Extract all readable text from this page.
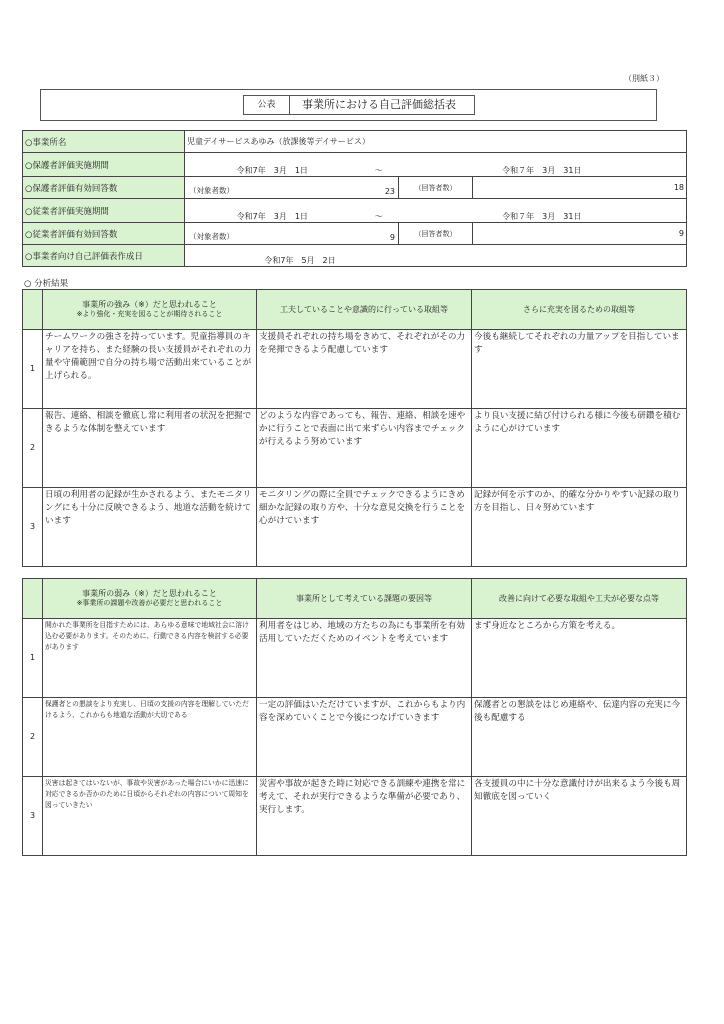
（別紙３）
公表	事業所における自己評価総括表
○事業所名	児童デイサービスあゆみ（放課後等デイサービス）		
○保護者評価実施期間	令和7年　3月　1日 ～ 令和７年　3月　31日		

○保護者評価有効回答数	（対象者数） 23	（回答者数）	18
○従業者評価実施期間	令和7年　3月　1日 ～ 令和７年　3月　31日		

○従業者評価有効回答数	（対象者数） 9	（回答者数）	9
○事業者向け自己評価表作成日	令和7年　5月　2日		
○ 分析結果
	事業所の強み（※）だと思われること
※より強化・充実を図ることが期待されること	工夫していることや意識的に行っている取組等	さらに充実を図るための取組等
1	チームワークの強さを持っています。児童指導員のキャリアを持ち、また経験の長い支援員がそれぞれの力量や守備範囲で自分の持ち場で活動出来ていることが上げられる。	支援員それぞれの持ち場をきめて、それぞれがその力を発揮できるよう配慮しています	今後も継続してそれぞれの力量アップを目指しています
2	報告、連絡、相談を徹底し常に利用者の状況を把握できるような体制を整えています	どのような内容であっても、報告、連絡、相談を速やかに行うことで表面に出て来ずらい内容までチェックが行えるよう努めています	より良い支援に結び付けられる様に今後も研鑽を積むように心がけています
3	日頃の利用者の記録が生かされるよう、またモニタリングにも十分に反映できるよう、地道な活動を続けています	モニタリングの際に全員でチェックできるようにきめ細かな記録の取り方や、十分な意見交換を行うことを心がけています	記録が何を示すのか、的確な分かりやすい記録の取り方を目指し、日々努めています
	事業所の弱み（※）だと思われること
※事業所の課題や改善が必要だと思われること	事業所として考えている課題の要因等	改善に向けて必要な取組や工夫が必要な点等
1	開かれた事業所を目指すためには、あらゆる意味で地域社会に溶け込む必要があります。そのために、行動できる内容を検討する必要があります	利用者をはじめ、地域の方たちの為にも事業所を有効活用していただくためのイベントを考えています	まず身近なところから方策を考える。
2	保護者との懇談をより充実し、日頃の支援の内容を理解していただけるよう、これからも地道な活動が大切である	一定の評価はいただけていますが、これからもより内容を深めていくことで今後につなげていきます	保護者との懇談をはじめ連絡や、伝達内容の充実に今後も配慮する
3	災害は起きてはいないが、事故や災害があった場合にいかに迅速に対応できるか否かのために日頃からそれぞれの内容について周知を図っていきたい	災害や事故が起きた時に対応できる訓練や連携を常に考えて、それが実行できるような準備が必要であり、実行します。	各支援員の中に十分な意識付けが出来るよう今後も周知徹底を図っていく
